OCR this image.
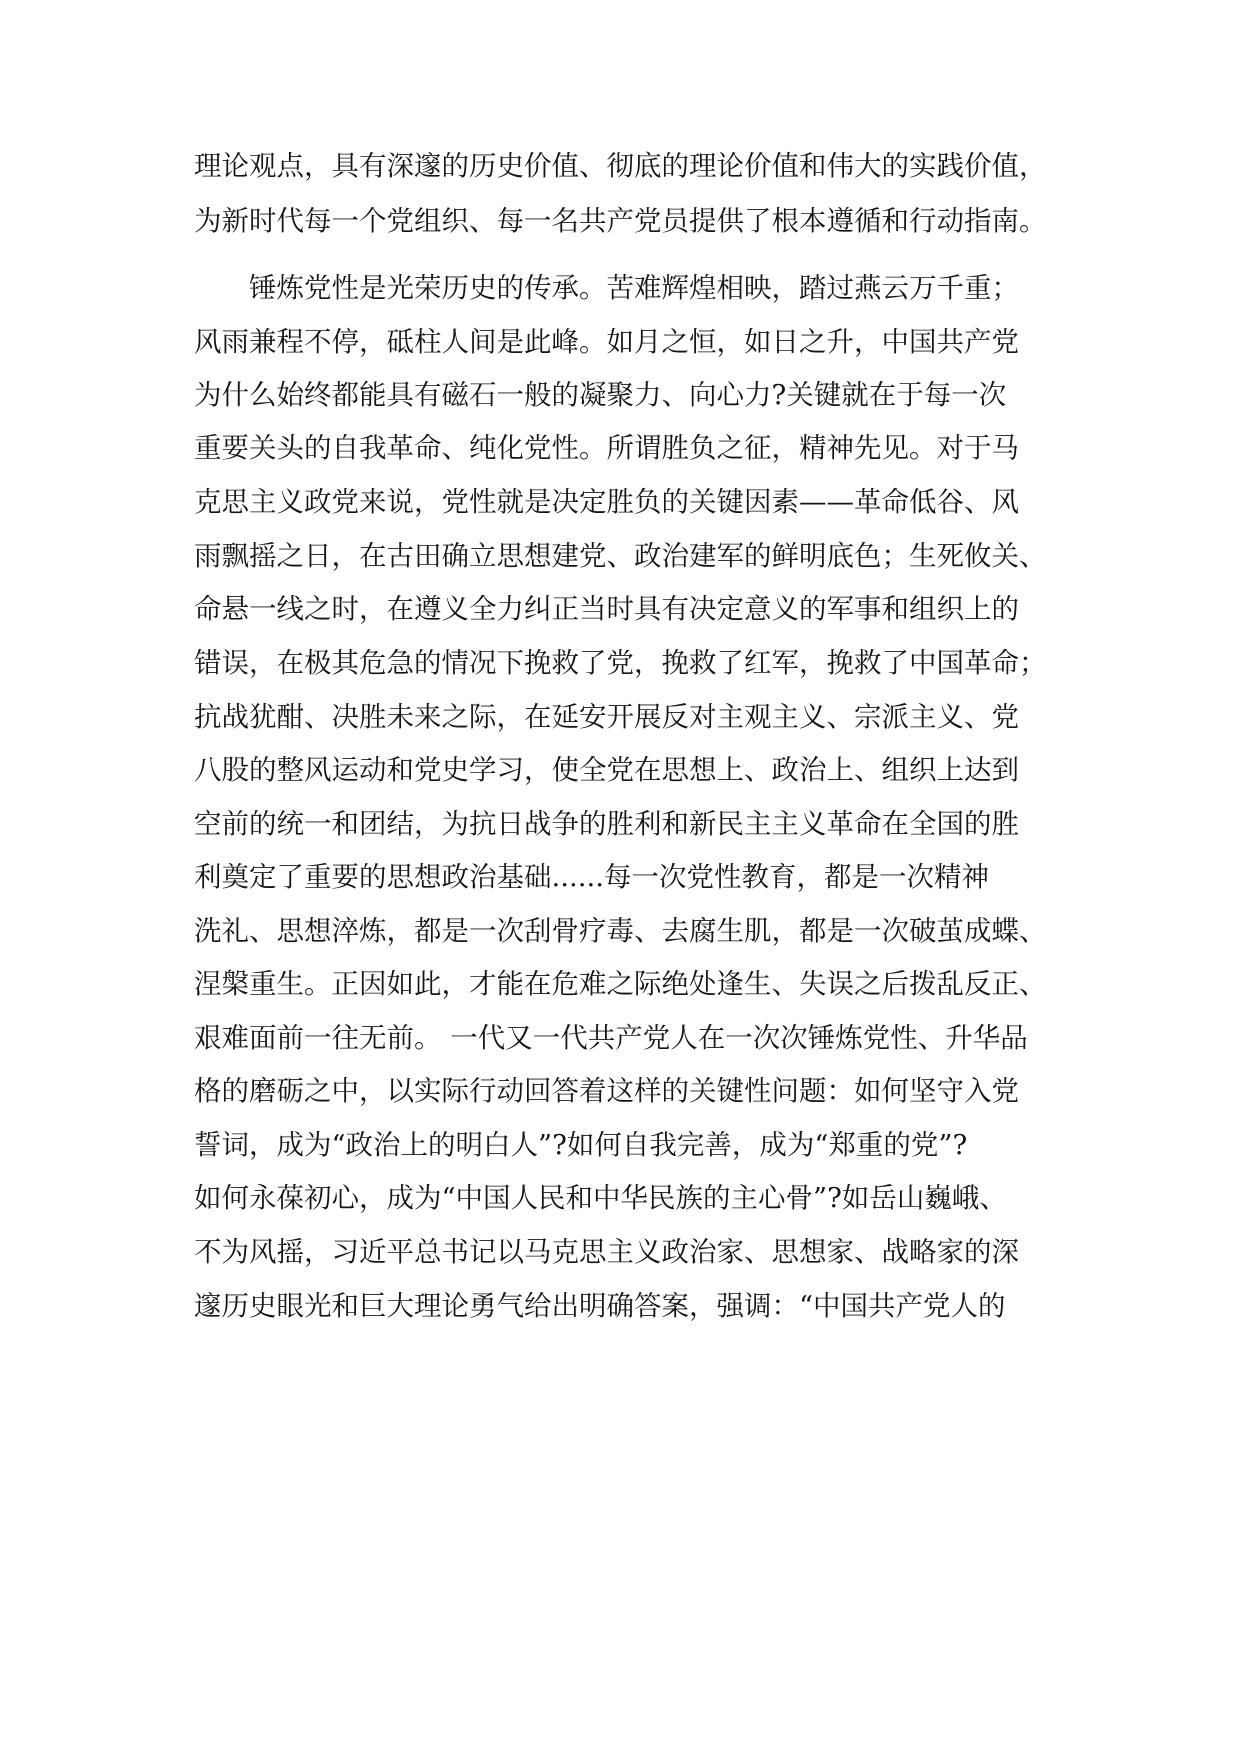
理论观点，具有深邃的历史价值、彻底的理论价值和伟大的实践价值，

为新时代每一个党组织、每一名共产党员提供了根本遵循和行动指南。

锤炼党性是光荣历史的传承。苦难辉煌相映，踏过燕云万千重；

风雨兼程不停，砥柱人间是此峰。如月之恒，如日之升，中国共产党

为什么始终都能具有磁石一般的凝聚力、向心力?关键就在于每一次

重要关头的自我革命、纯化党性。所谓胜负之征，精神先见。对于马

克思主义政党来说，党性就是决定胜负的关键因素——革命低谷、风

雨飘摇之日，在古田确立思想建党、政治建军的鲜明底色；生死攸关、

命悬一线之时，在遵义全力纠正当时具有决定意义的军事和组织上的

错误，在极其危急的情况下挽救了党，挽救了红军，挽救了中国革命；

抗战犹酣、决胜未来之际，在延安开展反对主观主义、宗派主义、党

八股的整风运动和党史学习，使全党在思想上、政治上、组织上达到

空前的统一和团结，为抗日战争的胜利和新民主主义革命在全国的胜

利奠定了重要的思想政治基础......每一次党性教育，都是一次精神

洗礼、思想淬炼，都是一次刮骨疗毒、去腐生肌，都是一次破茧成蝶、

涅槃重生。正因如此，才能在危难之际绝处逢生、失误之后拨乱反正、

艰难面前一往无前。 一代又一代共产党人在一次次锤炼党性、升华品

格的磨砺之中，以实际行动回答着这样的关键性问题：如何坚守入党

誓词，成为“政治上的明白人”?如何自我完善，成为“郑重的党”?

如何永葆初心，成为“中国人民和中华民族的主心骨”?如岳山巍峨、

不为风摇，习近平总书记以马克思主义政治家、思想家、战略家的深

邃历史眼光和巨大理论勇气给出明确答案，强调：“中国共产党人的
